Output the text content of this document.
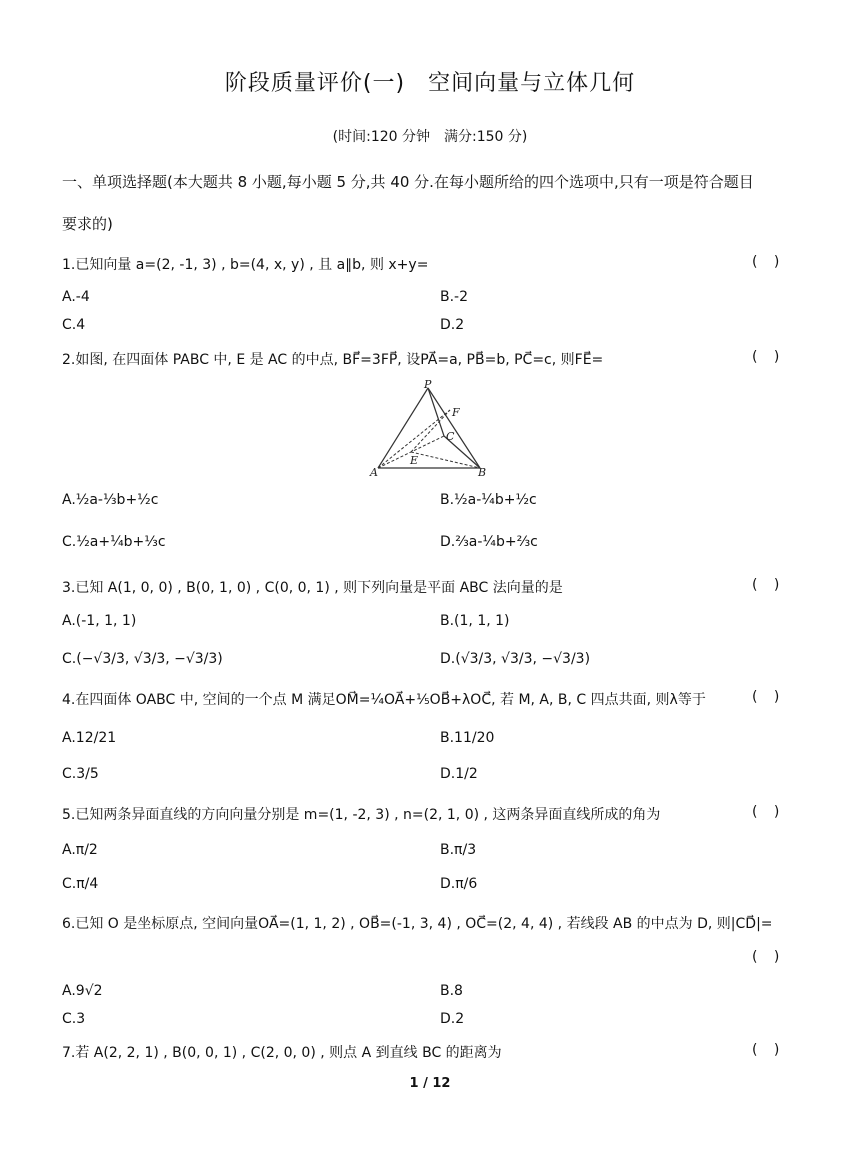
阶段质量评价(一)　空间向量与立体几何
(时间:120 分钟　满分:150 分)
一、单项选择题(本大题共 8 小题,每小题 5 分,共 40 分.在每小题所给的四个选项中,只有一项是符合题目
要求的)
1.已知向量 a=(2, -1, 3) , b=(4, x, y) , 且 a∥b, 则 x+y=	( )
A.-4	B.-2
C.4	D.2
2.如图, 在四面体 PABC 中, E 是 AC 的中点, BF⃗=3FP⃗, 设PA⃗=a, PB⃗=b, PC⃗=c, 则FE⃗=	( )
P
F
C
E
A	B
A.½a-⅓b+½c	B.½a-¼b+½c
C.½a+¼b+⅓c	D.⅔a-¼b+⅔c
3.已知 A(1, 0, 0) , B(0, 1, 0) , C(0, 0, 1) , 则下列向量是平面 ABC 法向量的是	( )
A.(-1, 1, 1)	B.(1, 1, 1)
C.(−√3/3, √3/3, −√3/3)	D.(√3/3, √3/3, −√3/3)
4.在四面体 OABC 中, 空间的一个点 M 满足OM⃗=¼OA⃗+⅕OB⃗+λOC⃗, 若 M, A, B, C 四点共面, 则λ等于	( )
A.12/21	B.11/20
C.3/5	D.1/2
5.已知两条异面直线的方向向量分别是 m=(1, -2, 3) , n=(2, 1, 0) , 这两条异面直线所成的角为	( )
A.π/2	B.π/3
C.π/4	D.π/6
6.已知 O 是坐标原点, 空间向量OA⃗=(1, 1, 2) , OB⃗=(-1, 3, 4) , OC⃗=(2, 4, 4) , 若线段 AB 的中点为 D, 则|CD⃗|=
( )
A.9√2	B.8
C.3	D.2
7.若 A(2, 2, 1) , B(0, 0, 1) , C(2, 0, 0) , 则点 A 到直线 BC 的距离为	( )
1 / 12
